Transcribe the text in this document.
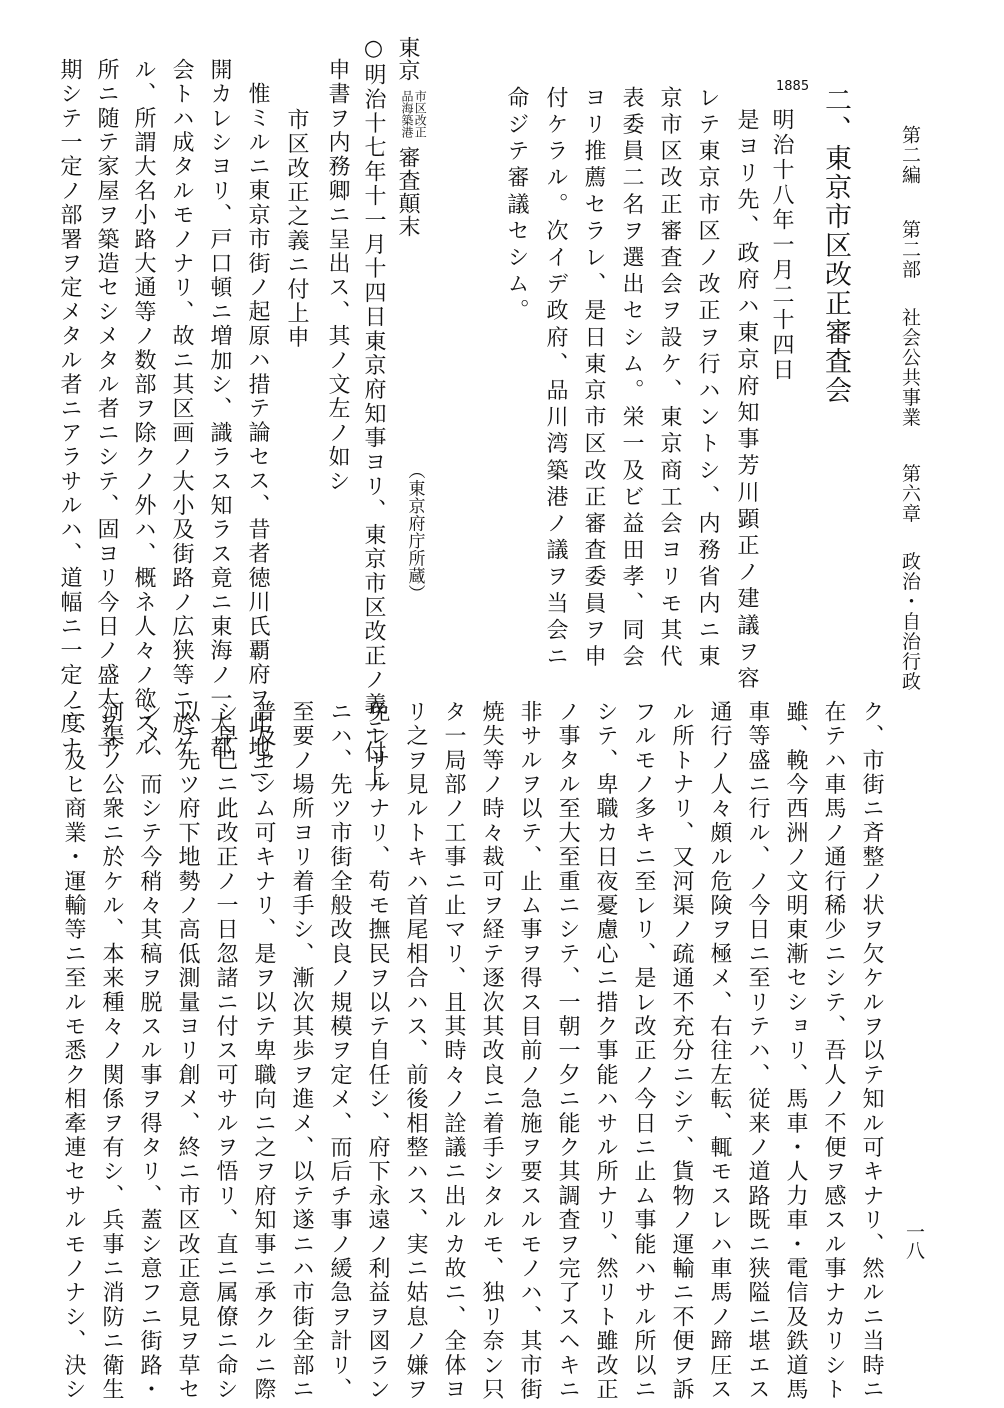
第二編  第二部  社会公共事業  第六章  政治・自治行政
一八
二、東京市区改正審査会
1885
明治十八年一月二十四日
是ヨリ先、政府ハ東京府知事芳川顕正ノ建議ヲ容
レテ東京市区ノ改正ヲ行ハントシ、内務省内ニ東
京市区改正審査会ヲ設ケ、東京商工会ヨリモ其代
表委員二名ヲ選出セシム。栄一及ビ益田孝、同会
ヨリ推薦セラレ、是日東京市区改正審査委員ヲ申
付ケラル。次イデ政府、品川湾築港ノ議ヲ当会ニ
命ジテ審議セシム。
東京 市区改正
品海築港 審査顛末
（東京府庁所蔵）
○明治十七年十一月十四日東京府知事ヨリ、東京市区改正ノ義ニ付上
申書ヲ内務卿ニ呈出ス、其ノ文左ノ如シ
市区改正之義ニ付上申
惟ミルニ東京市街ノ起原ハ措テ論セス、昔者徳川氏覇府ヲ此地ニ
開カレシヨリ、戸口頓ニ増加シ、識ラス知ラス竟ニ東海ノ一大都
会トハ成タルモノナリ、故ニ其区画ノ大小及街路ノ広狭等ニ於ケ
ル、所謂大名小路大通等ノ数部ヲ除クノ外ハ、概ネ人々ノ欲スル
所ニ随テ家屋ヲ築造セシメタル者ニシテ、固ヨリ今日ノ盛大ヲ予
期シテ一定ノ部署ヲ定メタル者ニアラサルハ、道幅ニ一定ノ度ナ
ク、市街ニ斉整ノ状ヲ欠ケルヲ以テ知ル可キナリ、然ルニ当時ニ
在テハ車馬ノ通行稀少ニシテ、吾人ノ不便ヲ感スル事ナカリシト
雖、輓今西洲ノ文明東漸セショリ、馬車・人力車・電信及鉄道馬
車等盛ニ行ル、ノ今日ニ至リテハ、従来ノ道路既ニ狭隘ニ堪エス
通行ノ人々頗ル危険ヲ極メ、右往左転、輒モスレハ車馬ノ蹄圧ス
ル所トナリ、又河渠ノ疏通不充分ニシテ、貨物ノ運輸ニ不便ヲ訴
フルモノ多キニ至レリ、是レ改正ノ今日ニ止ム事能ハサル所以ニ
シテ、卑職カ日夜憂慮心ニ措ク事能ハサル所ナリ、然リト雖改正
ノ事タル至大至重ニシテ、一朝一夕ニ能ク其調査ヲ完了スヘキニ
非サルヲ以テ、止ム事ヲ得ス目前ノ急施ヲ要スルモノハ、其市街
焼失等ノ時々裁可ヲ経テ逐次其改良ニ着手シタルモ、独リ奈ン只
タ一局部ノ工事ニ止マリ、且其時々ノ詮議ニ出ルカ故ニ、全体ヨ
リ之ヲ見ルトキハ首尾相合ハス、前後相整ハス、実ニ姑息ノ嫌ヲ
免レサルナリ、苟モ撫民ヲ以テ自任シ、府下永遠ノ利益ヲ図ラン
ニハ、先ツ市街全般改良ノ規模ヲ定メ、而后チ事ノ緩急ヲ計リ、
至要ノ場所ヨリ着手シ、漸次其歩ヲ進メ、以テ遂ニハ市街全部ニ
普及セシム可キナリ、是ヲ以テ卑職向ニ之ヲ府知事ニ承クルニ際
シ早已ニ此改正ノ一日忽諸ニ付ス可サルヲ悟リ、直ニ属僚ニ命シ
以テ先ツ府下地勢ノ高低測量ヨリ創メ、終ニ市区改正意見ヲ草セ
シメ、而シテ今稍々其稿ヲ脱スル事ヲ得タリ、蓋シ意フニ街路・
河渠ノ公衆ニ於ケル、本来種々ノ関係ヲ有シ、兵事ニ消防ニ衛生
ニ、及ヒ商業・運輸等ニ至ルモ悉ク相牽連セサルモノナシ、決シ
